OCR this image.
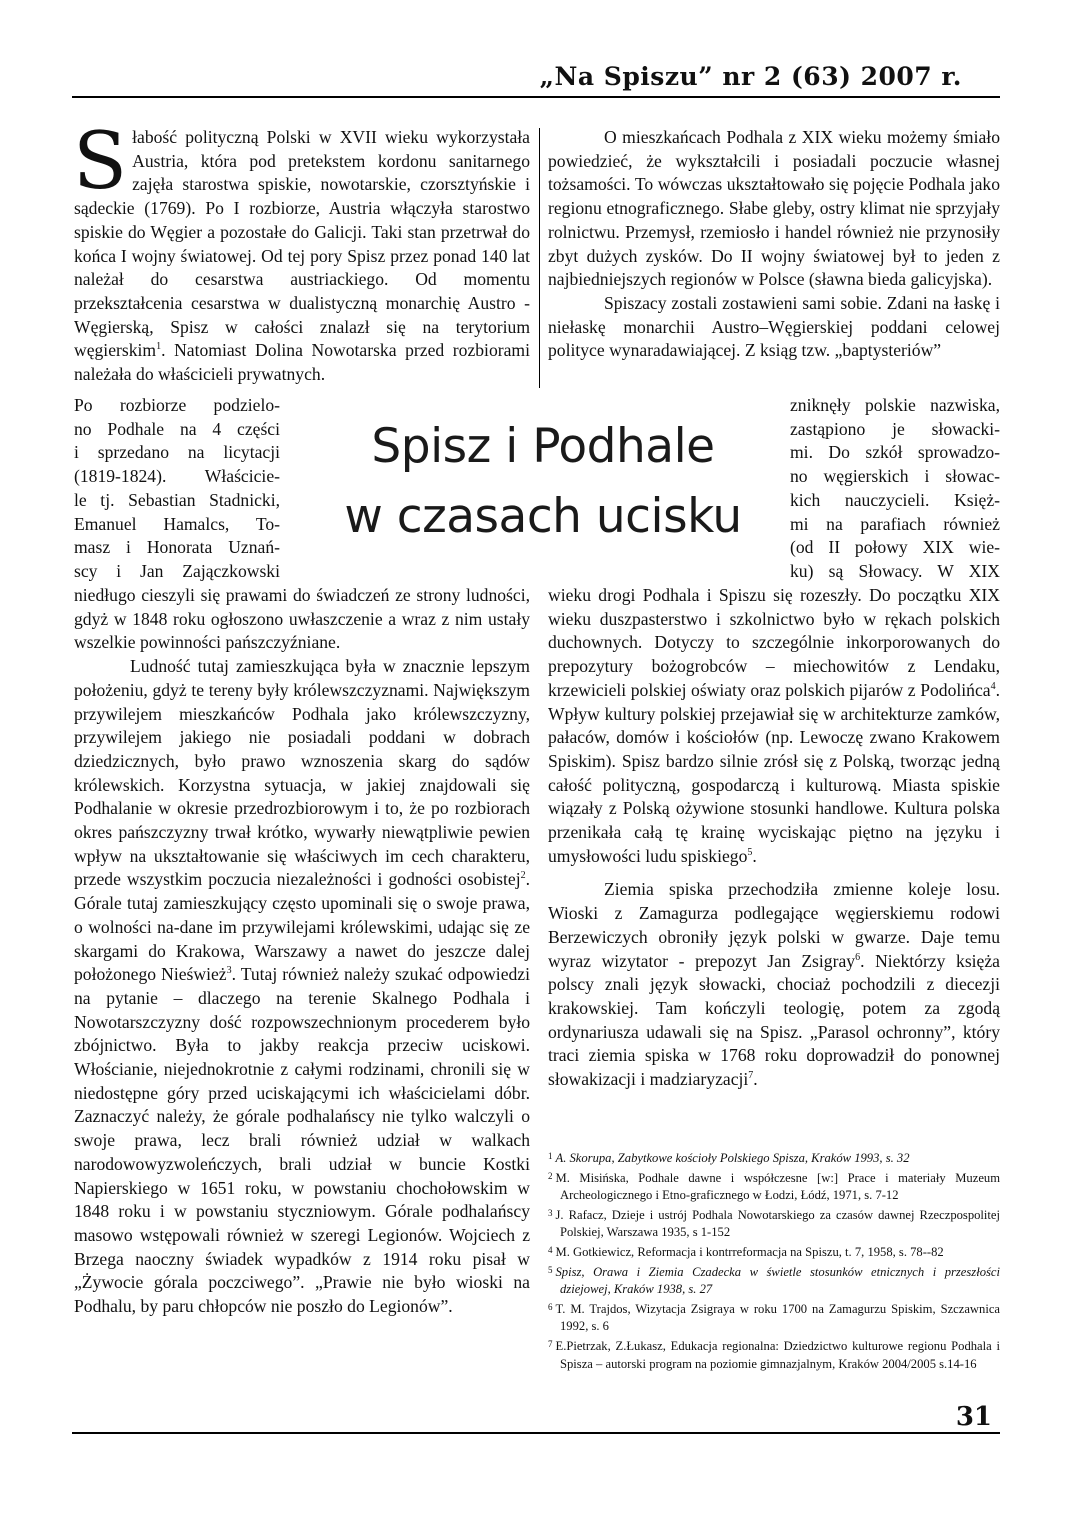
„Na Spiszu” nr 2 (63) 2007 r.

Słabość polityczną Polski w XVII wieku wykorzystała Austria, która pod pretekstem kordonu sanitarnego zajęła starostwa spiskie, nowotarskie, czorsztyńskie i sądeckie (1769). Po I rozbiorze, Austria włączyła starostwo spiskie do Węgier a pozostałe do Galicji. Taki stan przetrwał do końca I wojny światowej. Od tej pory Spisz przez ponad 140 lat należał do cesarstwa austriackiego. Od momentu przekształcenia cesarstwa w dualistyczną monarchię Austro - Węgierską, Spisz w całości znalazł się na terytorium węgierskim$^1$. Natomiast Dolina Nowotarska przed rozbiorami należała do właścicieli prywatnych.

Po rozbiorze podzielo-
no Podhale na 4 części
i sprzedano na licytacji
(1819-1824). Właścicie-
le tj. Sebastian Stadnicki,
Emanuel Hamalcs, To-
masz i Honorata Uznań-
scy i Jan Zajączkowski
Spisz i Podhale
w czasach ucisku

niedługo cieszyli się prawami do świadczeń ze strony ludności, gdyż w 1848 roku ogłoszono uwłaszczenie a wraz z nim ustały wszelkie powinności pańszczyźniane.

Ludność tutaj zamieszkująca była w znacznie lepszym położeniu, gdyż te tereny były królewszczyznami. Największym przywilejem mieszkańców Podhala jako królewszczyzny, przywilejem jakiego nie posiadali poddani w dobrach dziedzicznych, było prawo wznoszenia skarg do sądów królewskich. Korzystna sytuacja, w jakiej znajdowali się Podhalanie w okresie przedrozbiorowym i to, że po rozbiorach okres pańszczyzny trwał krótko, wywarły niewątpliwie pewien wpływ na ukształtowanie się właściwych im cech charakteru, przede wszystkim poczucia niezależności i godności osobistej$^2$. Górale tutaj zamieszkujący często upominali się o swoje prawa, o wolności na-dane im przywilejami królewskimi, udając się ze skargami do Krakowa, Warszawy a nawet do jeszcze dalej położonego Nieśwież$^3$. Tutaj również należy szukać odpowiedzi na pytanie – dlaczego na terenie Skalnego Podhala i Nowotarszczyzny dość rozpowszechnionym procederem było zbójnictwo. Była to jakby reakcja przeciw uciskowi. Włościanie, niejednokrotnie z całymi rodzinami, chronili się w niedostępne góry przed uciskającymi ich właścicielami dóbr. Zaznaczyć należy, że górale podhalańscy nie tylko walczyli o swoje prawa, lecz brali również udział w walkach narodowowyzwoleńczych, brali udział w buncie Kostki Napierskiego w 1651 roku, w powstaniu chochołowskim w 1848 roku i w powstaniu styczniowym. Górale podhalańscy masowo wstępowali również w szeregi Legionów. Wojciech z Brzega naoczny świadek wypadków z 1914 roku pisał w „Żywocie górala poczciwego”. „Prawie nie było wioski na Podhalu, by paru chłopców nie poszło do Legionów”.

O mieszkańcach Podhala z XIX wieku możemy śmiało powiedzieć, że wykształcili i posiadali poczucie własnej tożsamości. To wówczas ukształtowało się pojęcie Podhala jako regionu etnograficznego. Słabe gleby, ostry klimat nie sprzyjały rolnictwu. Przemysł, rzemiosło i handel również nie przynosiły zbyt dużych zysków. Do II wojny światowej był to jeden z najbiedniejszych regionów w Polsce (sławna bieda galicyjska).

Spiszacy zostali zostawieni sami sobie. Zdani na łaskę i niełaskę monarchii Austro–Węgierskiej poddani celowej polityce wynaradawiającej. Z ksiąg tzw. „baptysteriów”

zniknęły polskie nazwiska,
zastąpiono je słowacki-
mi. Do szkół sprowadzo-
no węgierskich i słowac-
kich nauczycieli. Księż-
mi na parafiach również
(od II połowy XIX wie-
ku) są Słowacy. W XIX

wieku drogi Podhala i Spiszu się rozeszły. Do początku XIX wieku duszpasterstwo i szkolnictwo było w rękach polskich duchownych. Dotyczy to szczególnie inkorporowanych do prepozytury bożogrobców – miechowitów z Lendaku, krzewicieli polskiej oświaty oraz polskich pijarów z Podolińca$^4$. Wpływ kultury polskiej przejawiał się w architekturze zamków, pałaców, domów i kościołów (np. Lewoczę zwano Krakowem Spiskim). Spisz bardzo silnie zrósł się z Polską, tworząc jedną całość polityczną, gospodarczą i kulturową. Miasta spiskie wiązały z Polską ożywione stosunki handlowe. Kultura polska przenikała całą tę krainę wyciskając piętno na języku i umysłowości ludu spiskiego$^5$.

Ziemia spiska przechodziła zmienne koleje losu. Wioski z Zamagurza podlegające węgierskiemu rodowi Berzewiczych obroniły język polski w gwarze. Daje temu wyraz wizytator - prepozyt Jan Zsigray$^6$. Niektórzy księża polscy znali język słowacki, chociaż pochodzili z diecezji krakowskiej. Tam kończyli teologię, potem za zgodą ordynariusza udawali się na Spisz. „Parasol ochronny”, który traci ziemia spiska w 1768 roku doprowadził do ponownej słowakizacji i madziaryzacji$^7$.

$^1$ A. Skorupa, Zabytkowe kościoły Polskiego Spisza, Kraków 1993, s. 32

$^2$ M. Misińska, Podhale dawne i współczesne [w:] Prace i materiały Muzeum Archeologicznego i Etno-graficznego w Łodzi, Łódź, 1971, s. 7-12

$^3$ J. Rafacz, Dzieje i ustrój Podhala Nowotarskiego za czasów dawnej Rzeczpospolitej Polskiej, Warszawa 1935, s 1-152

$^4$ M. Gotkiewicz, Reformacja i kontrreformacja na Spiszu, t. 7, 1958, s. 78--82

$^5$ Spisz, Orawa i Ziemia Czadecka w świetle stosunków etnicznych i przeszłości dziejowej, Kraków 1938, s. 27

$^6$ T. M. Trajdos, Wizytacja Zsigraya w roku 1700 na Zamagurzu Spiskim, Szczawnica 1992, s. 6

$^7$ E.Pietrzak, Z.Łukasz, Edukacja regionalna: Dziedzictwo kulturowe regionu Podhala i Spisza – autorski program na poziomie gimnazjalnym, Kraków 2004/2005 s.14-16

31
